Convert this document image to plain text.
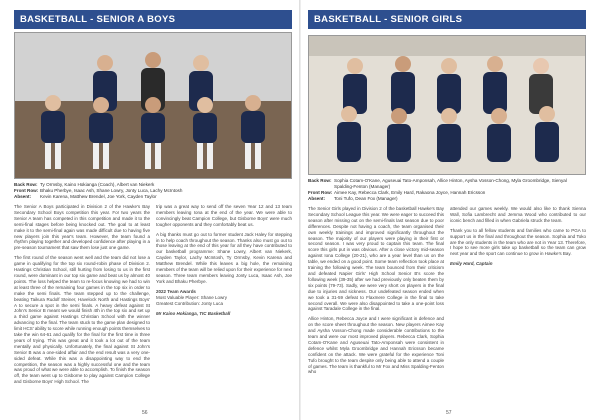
BASKETBALL - SENIOR A BOYS
Back Row: Ty Ormsby, Kaino Hokianga (Coach), Albert van Niekerk
Front Row: Bhaku Pherbye, Isaac Ash, Shane Lowry, Jonty Luca, Lachy McIntosh
Absent:	Kevin Karena, Matthew Brendel, Joe York, Cayden Taylor

The Senior A Boys participated in Division 2 of the Hawke's Bay Secondary School Boys competition this year. For two years the Senior A team has competed in this competition and made it to the semi-final stages before being knocked out. The goal to at least make it to the semi-final again was made difficult due to having five new players join this year's team. However, the team found a rhythm playing together and developed confidence after playing in a pre-season tournament that saw them lose just one game.

The first round of the season went well and the team did not lose a game in qualifying for the top six round-robin phase of Division 2. Hastings Christian School, still hurting from losing to us in the first round, were dominant in our top six game and beat us by almost 40 points. The loss helped the team to re-focus knowing we had to win at least three of the remaining four games in the top six in order to make the semi finals. The team stepped up to the challenge, beating Taikura Rudolf Steiner, Havelock North and Hastings Boys' A to secure a spot in the semi finals. A heavy defeat against St John's Senior B meant we would finish 4th in the top six and set up a third game against Hastings Christian School with the winner advancing to the final. The team stuck to the game plan designed to limit HCS' ability to score while running enough points themselves to take the win 64-61 and qualify for the final for the first time in three years of trying. This was great and it took a lot out of the team mentally and physically. Unfortunately, the final against St John's Senior B was a one-sided affair and the end result was a very one-sided defeat. While this was a disappointing way to end the competition, the season was a highly successful one and the team was proud of what we were able to accomplish. To finish the season off, the team went up to Gisborne to play against Campion College and Gisborne Boys' High School. The

trip was a great way to send off the seven Year 12 and 13 team members leaving Iona at the end of the year. We were able to convincingly beat Campion College, but Gisborne Boys' were much tougher opponents and they comfortably beat us.

A big thanks must go out to former student Jack Haley for stepping in to help coach throughout the season. Thanks also must go out to those leaving at the end of this year for all they have contributed to our basketball programme: Shane Lowry, Albert van Niekerk, Cayden Taylor, Lachy McIntosh, Ty Ormsby, Kevin Karena and Matthew Brendel. While this leaves a big hole, the remaining members of the team will be relied upon for their experience for next season. Three team members leaving Jonty Luca, Isaac Ash, Joe York and Bhaku Pherbye.

2022 Team Awards

Most Valuable Player: Shane Lowry

Greatest Contribution: Jonty Luca

Mr Kaino Hokianga, TIC Basketball

56
BASKETBALL - SENIOR GIRLS
Back Row: Sophia Cotam-O'Kane, Aguseuai Tato-Amponsah, Allice Hinton, Aysha Vosson-Chong, Myla Groombridge, Sienyal Spalding-Fenton (Manager)
Front Row: Aimee Kay, Rebecca Clark, Emily Hard, Rakaona Joyce, Hannah Ericsson
Absent:	Toni Tufo, Dean Fox (Manager)

The Senior Girls played in Division 2 of the basketball Hawke's Bay Secondary School League this year. We were eager to succeed this season after missing out on the semi-finals last season due to poor differences. Despite not having a coach, the team organised their own weekly trainings and improved significantly throughout the season. The majority of our players were playing in their first or second season. I was very proud to captain this team. The final score this girls put in was obvious. After a close victory mid-season against Iona College (20-21), who are a year level than us on the table, we ended on a good point. Some team reflection took place at training the following week. The team bounced from their criticism and defeated Napier Girls' High School Senior B's score the following week (39-35) after we had previously only beaten them by six points (79-73). Sadly, we were very short on players in the final due to injuries and sickness. Our undefeated season ended when we took a 31-59 defeat to Flaxmere College in the final to take second overall. We were also disappointed to take a one-point loss against Taradale College in the final.

Allice Hinton, Rebecca Joyce and I were significant in defence and on the score sheet throughout the season. New players Aimee Kay and Aysha Vosson-Chong made considerable contributions to the team and were our most improved players. Rebecca Clark, Sophia Cotam-O'Kane and Aguseuai Tato-Amponsah were consistent in defence whilst Myla Groombridge and Hannah Ericsson became confident on the attack. We were grateful for the experience Toni Tufo brought to the team despite only being able to attend a couple of games. The team is thankful to Mr Fox and Miss Spalding-Fenton who

attended our games weekly. We would also like to thank Sienna Wall, Sofia Lambrecht and Jemma Wood who contributed to our iconic bench and filled in when Gabriela struck the team.

Thank you to all fellow students and families who came to PGA to support us in the final and throughout the season. Sophia and Toko are the only students in the team who are not in Year 13. Therefore, I hope to see more girls take up basketball so the team can grow next year and the sport can continue to grow in Hawke's Bay.

Emily Hard, Captain

57
